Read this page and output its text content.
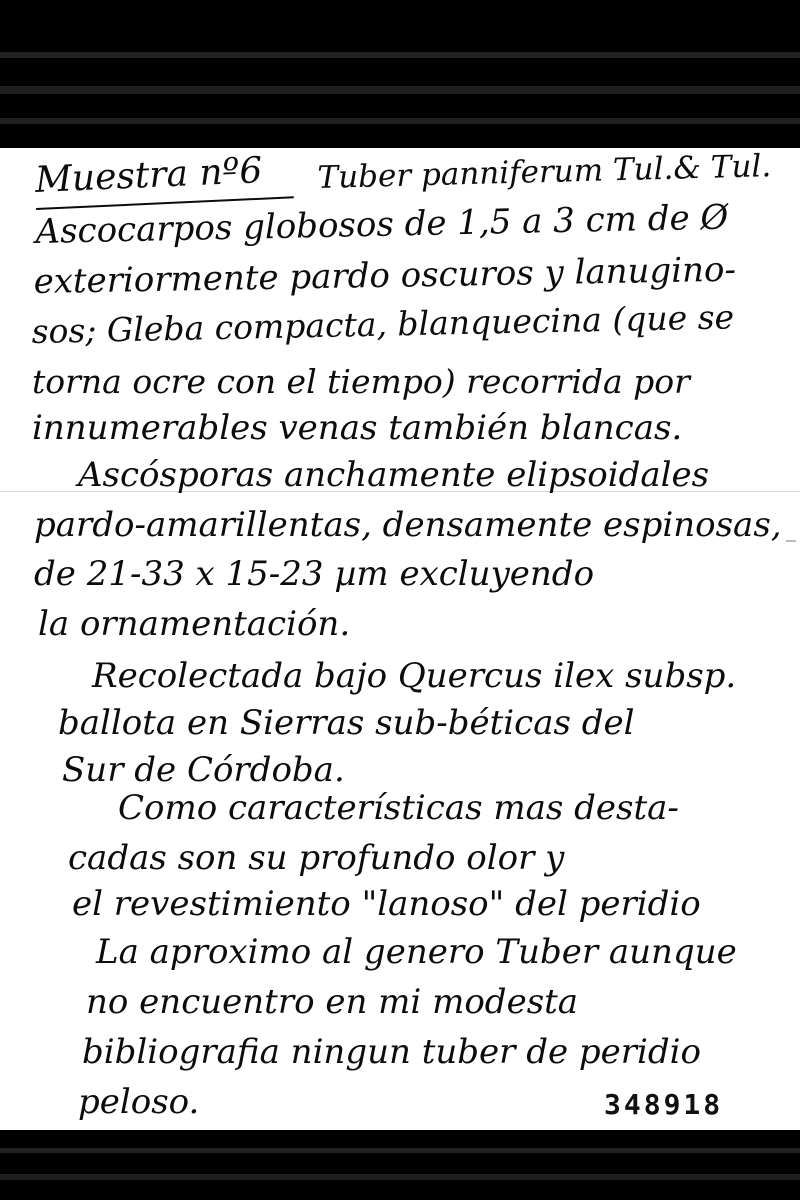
Muestra nº6 Tuber panniferum Tul.& Tul.
Ascocarpos globosos de 1,5 a 3 cm de Ø
exteriormente pardo oscuros y lanugino-
sos; Gleba compacta, blanquecina (que se
torna ocre con el tiempo) recorrida por
innumerables venas también blancas.
Ascósporas anchamente elipsoidales
pardo-amarillentas, densamente espinosas,
de 21-33 x 15-23 µm excluyendo
la ornamentación.
Recolectada bajo Quercus ilex subsp.
ballota en Sierras sub-béticas del
Sur de Córdoba.
Como características mas desta-
cadas son su profundo olor y
el revestimiento "lanoso" del peridio
La aproximo al genero Tuber aunque
no encuentro en mi modesta
bibliografia ningun tuber de peridio
peloso.	348918
